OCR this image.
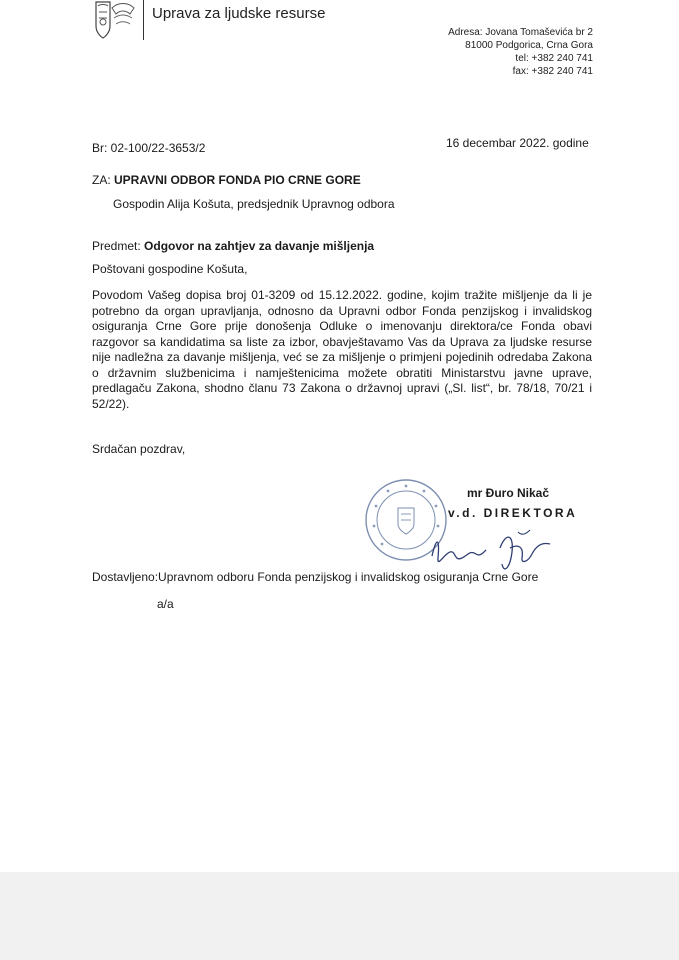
Uprava za ljudske resurse

Adresa: Jovana Tomaševića br 2

81000 Podgorica, Crna Gora

tel: +382 240 741

fax: +382 240 741

Br: 02-100/22-3653/2	16 decembar 2022. godine

ZA: UPRAVNI ODBOR FONDA PIO CRNE GORE

Gospodin Alija Košuta, predsjednik Upravnog odbora

Predmet: Odgovor na zahtjev za davanje mišljenja

Poštovani gospodine Košuta,

Povodom Vašeg dopisa broj 01-3209 od 15.12.2022. godine, kojim tražite mišljenje da li je potrebno da organ upravljanja, odnosno da Upravni odbor Fonda penzijskog i invalidskog osiguranja Crne Gore prije donošenja Odluke o imenovanju direktora/ce Fonda obavi razgovor sa kandidatima sa liste za izbor, obavještavamo Vas da Uprava za ljudske resurse nije nadležna za davanje mišljenja, već se za mišljenje o primjeni pojedinih odredaba Zakona o državnim službenicima i namještenicima možete obratiti Ministarstvu javne uprave, predlagaču Zakona, shodno članu 73 Zakona o državnoj upravi („Sl. list“, br. 78/18, 70/21 i 52/22).

Srdačan pozdrav,

mr Đuro Nikač

v.d. DIREKTORA

Dostavljeno:Upravnom odboru Fonda penzijskog i invalidskog osiguranja Crne Gore

a/a
